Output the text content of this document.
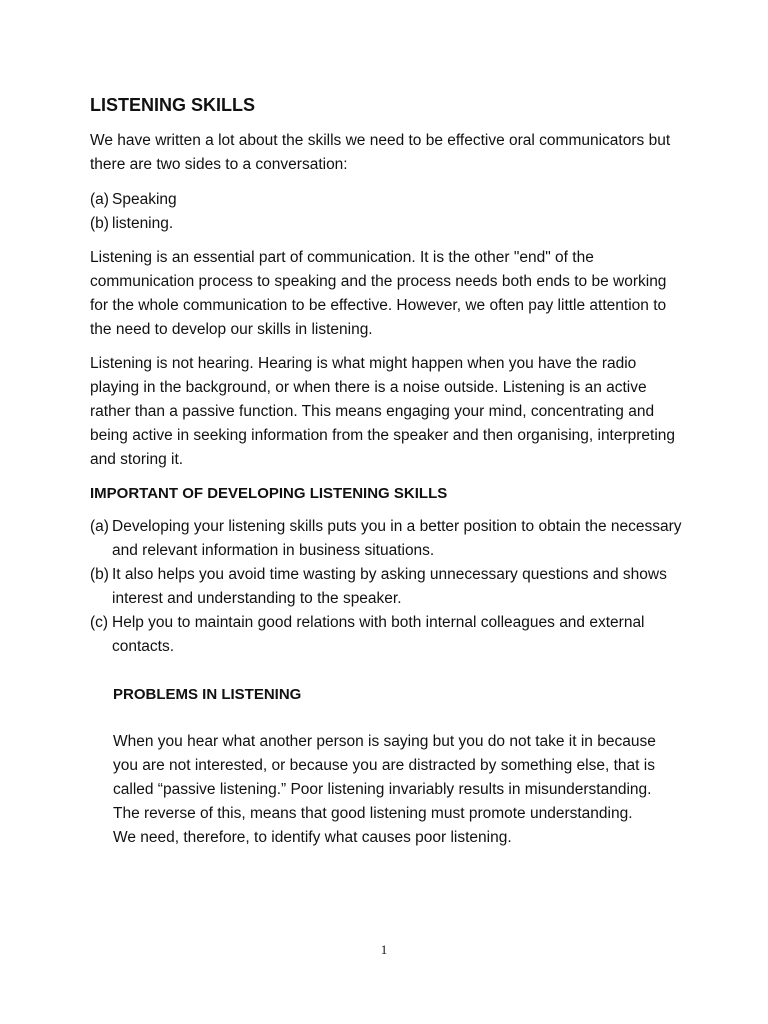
LISTENING SKILLS
We have written a lot about the skills we need to be effective oral communicators but there are two sides to a conversation:
(a) Speaking
(b) listening.
Listening is an essential part of communication. It is the other "end" of the communication process to speaking and the process needs both ends to be working for the whole communication to be effective. However, we often pay little attention to the need to develop our skills in listening.
Listening is not hearing. Hearing is what might happen when you have the radio playing in the background, or when there is a noise outside. Listening is an active rather than a passive function. This means engaging your mind, concentrating and being active in seeking information from the speaker and then organising, interpreting and storing it.
IMPORTANT OF DEVELOPING LISTENING SKILLS
(a) Developing your listening skills puts you in a better position to obtain the necessary and relevant information in business situations.
(b) It also helps you avoid time wasting by asking unnecessary questions and shows interest and understanding to the speaker.
(c) Help you to maintain good relations with both internal colleagues and external contacts.
PROBLEMS IN LISTENING
When you hear what another person is saying but you do not take it in because you are not interested, or because you are distracted by something else, that is called “passive listening.” Poor listening invariably results in misunderstanding. The reverse of this, means that good listening must promote understanding. We need, therefore, to identify what causes poor listening.
1
